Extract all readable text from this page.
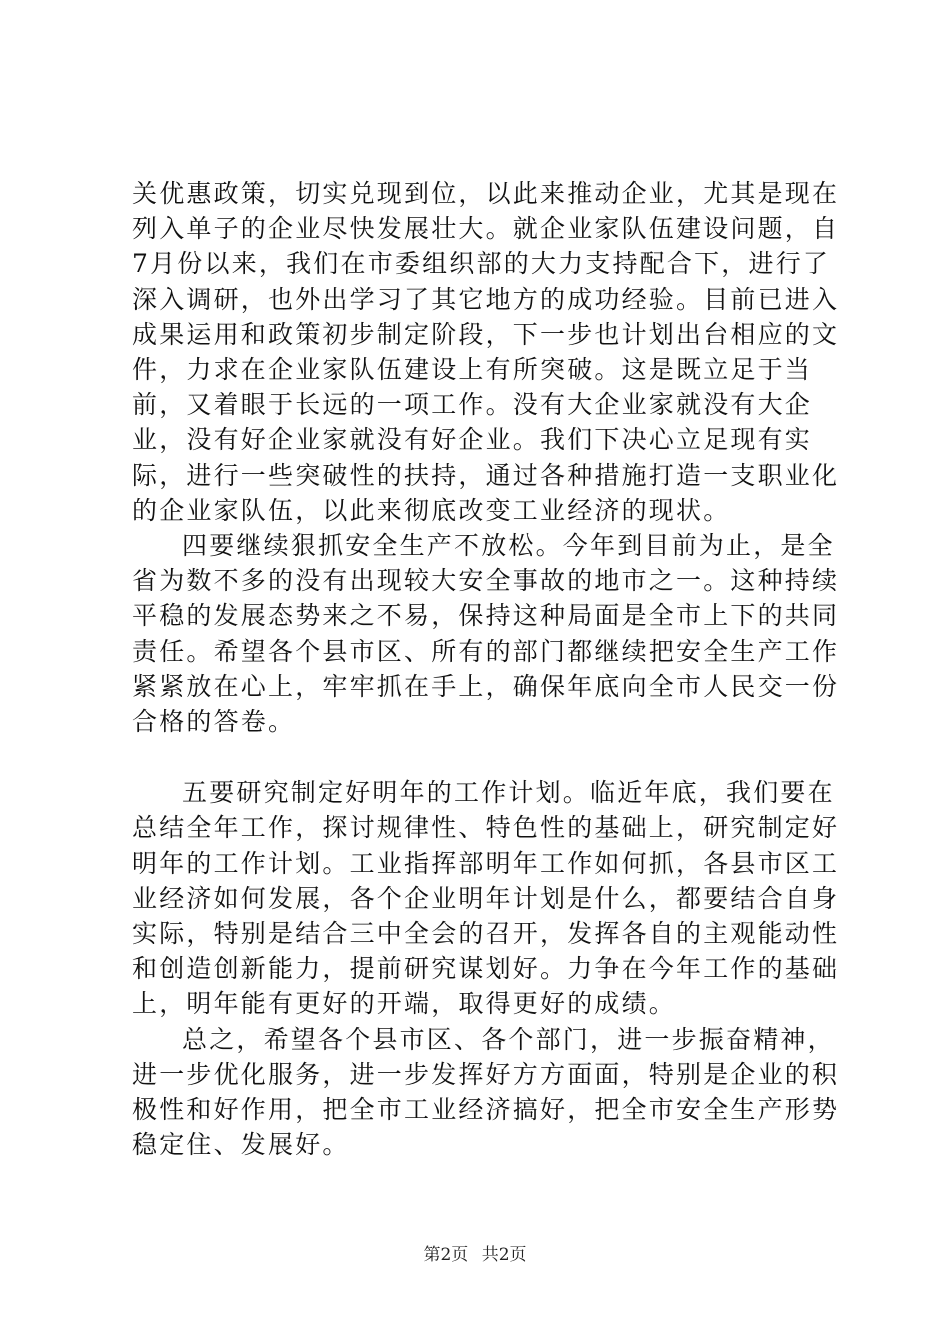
关优惠政策，切实兑现到位，以此来推动企业，尤其是现在列入单子的企业尽快发展壮大。就企业家队伍建设问题，自7月份以来，我们在市委组织部的大力支持配合下，进行了深入调研，也外出学习了其它地方的成功经验。目前已进入成果运用和政策初步制定阶段，下一步也计划出台相应的文件，力求在企业家队伍建设上有所突破。这是既立足于当前，又着眼于长远的一项工作。没有大企业家就没有大企业，没有好企业家就没有好企业。我们下决心立足现有实际，进行一些突破性的扶持，通过各种措施打造一支职业化的企业家队伍，以此来彻底改变工业经济的现状。

四要继续狠抓安全生产不放松。今年到目前为止，是全省为数不多的没有出现较大安全事故的地市之一。这种持续平稳的发展态势来之不易，保持这种局面是全市上下的共同责任。希望各个县市区、所有的部门都继续把安全生产工作紧紧放在心上，牢牢抓在手上，确保年底向全市人民交一份合格的答卷。

五要研究制定好明年的工作计划。临近年底，我们要在总结全年工作，探讨规律性、特色性的基础上，研究制定好明年的工作计划。工业指挥部明年工作如何抓，各县市区工业经济如何发展，各个企业明年计划是什么，都要结合自身实际，特别是结合三中全会的召开，发挥各自的主观能动性和创造创新能力，提前研究谋划好。力争在今年工作的基础上，明年能有更好的开端，取得更好的成绩。

总之，希望各个县市区、各个部门，进一步振奋精神，进一步优化服务，进一步发挥好方方面面，特别是企业的积极性和好作用，把全市工业经济搞好，把全市安全生产形势稳定住、发展好。

第2页 共2页
